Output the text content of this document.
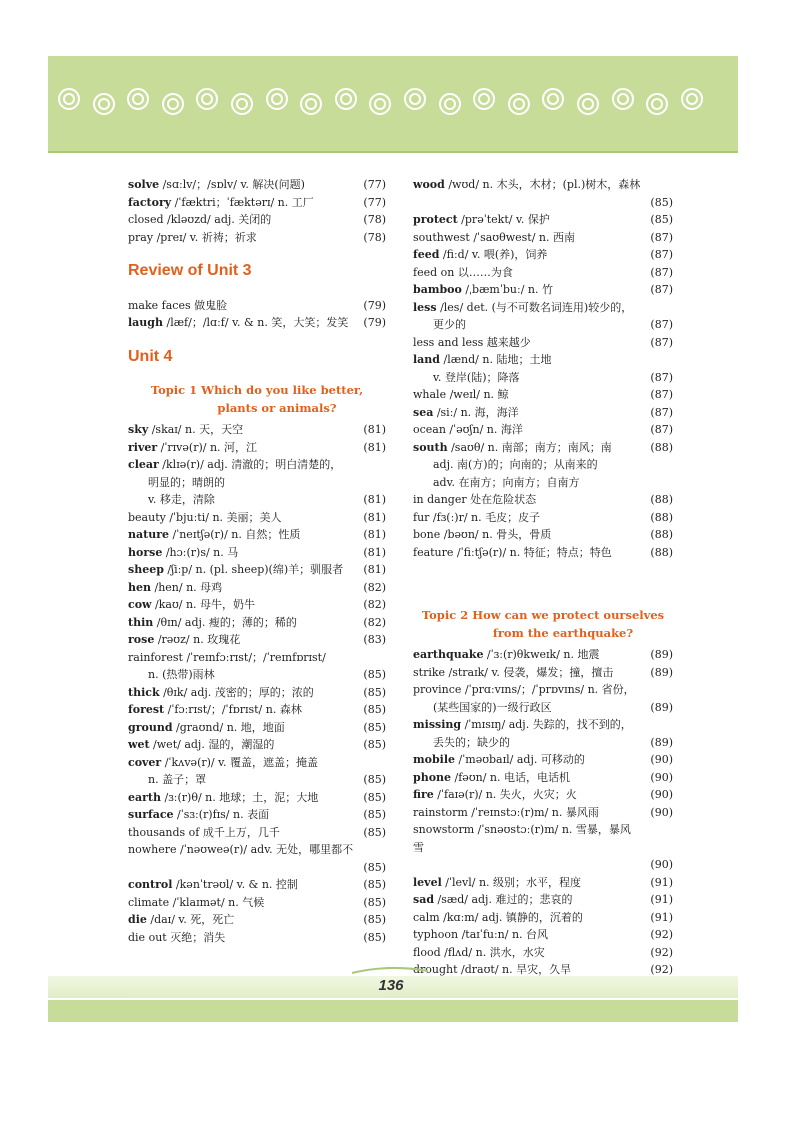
solve /sɑːlv/；/sɒlv/ v. 解决(问题)	(77)
factory /ˈfæktri；ˈfæktərɪ/ n. 工厂	(77)
closed /kləʊzd/ adj. 关闭的	(78)
pray /preɪ/ v. 祈祷；祈求	(78)
Review of Unit 3
make faces 做鬼脸	(79)
laugh /læf/；/lɑːf/ v. & n. 笑，大笑；发笑 (79)
Unit 4
Topic 1 Which do you like better,
plants or animals?
sky /skaɪ/ n. 天，天空	(81)
river /ˈrɪvə(r)/ n. 河，江	(81)
clear /klɪə(r)/ adj. 清澈的；明白清楚的，
明显的；晴朗的
v. 移走，清除	(81)
beauty /ˈbjuːti/ n. 美丽；美人	(81)
nature /ˈneɪtʃə(r)/ n. 自然；性质	(81)
horse /hɔː(r)s/ n. 马	(81)
sheep /ʃiːp/ n. (pl. sheep)(绵)羊；驯服者 (81)
hen /hen/ n. 母鸡	(82)
cow /kaʊ/ n. 母牛，奶牛	(82)
thin /θɪn/ adj. 瘦的；薄的；稀的	(82)
rose /rəʊz/ n. 玫瑰花	(83)
rainforest /ˈreɪnfɔːrɪst/；/ˈreɪnfɒrɪst/
n. (热带)雨林	(85)
thick /θɪk/ adj. 茂密的；厚的；浓的	(85)
forest /ˈfɔːrɪst/；/ˈfɒrɪst/ n. 森林	(85)
ground /graʊnd/ n. 地，地面	(85)
wet /wet/ adj. 湿的，潮湿的	(85)
cover /ˈkʌvə(r)/ v. 覆盖，遮盖；掩盖
n. 盖子；罩	(85)
earth /ɜː(r)θ/ n. 地球；土，泥；大地	(85)
surface /ˈsɜː(r)fɪs/ n. 表面	(85)
thousands of 成千上万，几千	(85)
nowhere /ˈnəʊweə(r)/ adv. 无处，哪里都不
(85)
control /kənˈtrəʊl/ v. & n. 控制	(85)
climate /ˈklaɪmət/ n. 气候	(85)
die /daɪ/ v. 死，死亡	(85)
die out 灭绝；消失	(85)
wood /wʊd/ n. 木头，木材；(pl.)树木，森林
(85)
protect /prəˈtekt/ v. 保护	(85)
southwest /ˈsaʊθwest/ n. 西南	(87)
feed /fiːd/ v. 喂(养)，饲养	(87)
feed on 以……为食	(87)
bamboo /ˌbæmˈbuː/ n. 竹	(87)
less /les/ det. (与不可数名词连用)较少的，
更少的	(87)
less and less 越来越少	(87)
land /lænd/ n. 陆地；土地
v. 登岸(陆)；降落	(87)
whale /weɪl/ n. 鲸	(87)
sea /siː/ n. 海，海洋	(87)
ocean /ˈəʊʃn/ n. 海洋	(87)
south /saʊθ/ n. 南部；南方；南风；南
adj. 南(方)的；向南的；从南来的
adv. 在南方；向南方；自南方
(88)
in danger 处在危险状态	(88)
fur /fɜ(ː)r/ n. 毛皮；皮子	(88)
bone /bəʊn/ n. 骨头，骨质	(88)
feature /ˈfiːtʃə(r)/ n. 特征；特点；特色	(88)
Topic 2 How can we protect ourselves
from the earthquake?
earthquake /ˈɜː(r)θkweɪk/ n. 地震	(89)
strike /straɪk/ v. 侵袭，爆发；撞，擅击	(89)
province /ˈprɑːvɪns/；/ˈprɒvɪns/ n. 省份，
(某些国家的)一级行政区	(89)
missing /ˈmɪsɪŋ/ adj. 失踪的，找不到的，
丢失的；缺少的	(89)
mobile /ˈməʊbaɪl/ adj. 可移动的	(90)
phone /fəʊn/ n. 电话，电话机	(90)
fire /ˈfaɪə(r)/ n. 失火，火灾；火	(90)
rainstorm /ˈreɪnstɔː(r)m/ n. 暴风雨	(90)
snowstorm /ˈsnəʊstɔː(r)m/ n. 雪暴，暴风雪
(90)
level /ˈlevl/ n. 级别；水平，程度	(91)
sad /sæd/ adj. 难过的；悲哀的	(91)
calm /kɑːm/ adj. 镇静的，沉着的	(91)
typhoon /taɪˈfuːn/ n. 台风	(92)
flood /flʌd/ n. 洪水，水灾	(92)
drought /draʊt/ n. 旱灾，久旱	(92)
136
